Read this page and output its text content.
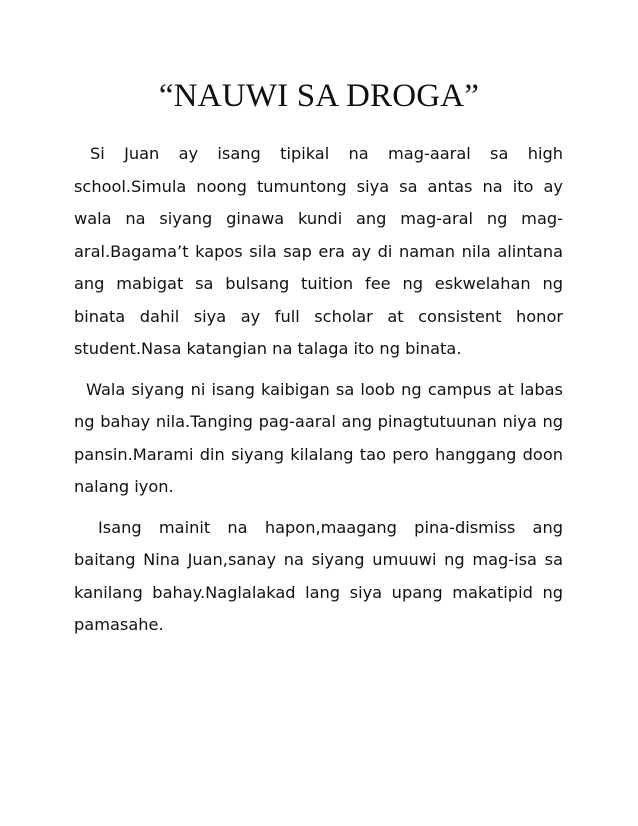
“NAUWI SA DROGA”

Si Juan ay isang tipikal na mag-aaral sa high school.Simula noong tumuntong siya sa antas na ito ay wala na siyang ginawa kundi ang mag-aral ng mag-aral.Bagama’t kapos sila sap era ay di naman nila alintana ang mabigat sa bulsang tuition fee ng eskwelahan ng binata dahil siya ay full scholar at consistent honor student.Nasa katangian na talaga ito ng binata.

Wala siyang ni isang kaibigan sa loob ng campus at labas ng bahay nila.Tanging pag-aaral ang pinagtutuunan niya ng pansin.Marami din siyang kilalang tao pero hanggang doon nalang iyon.

Isang mainit na hapon,maagang pina-dismiss ang baitang Nina Juan,sanay na siyang umuuwi ng mag-isa sa kanilang bahay.Naglalakad lang siya upang makatipid ng pamasahe.
